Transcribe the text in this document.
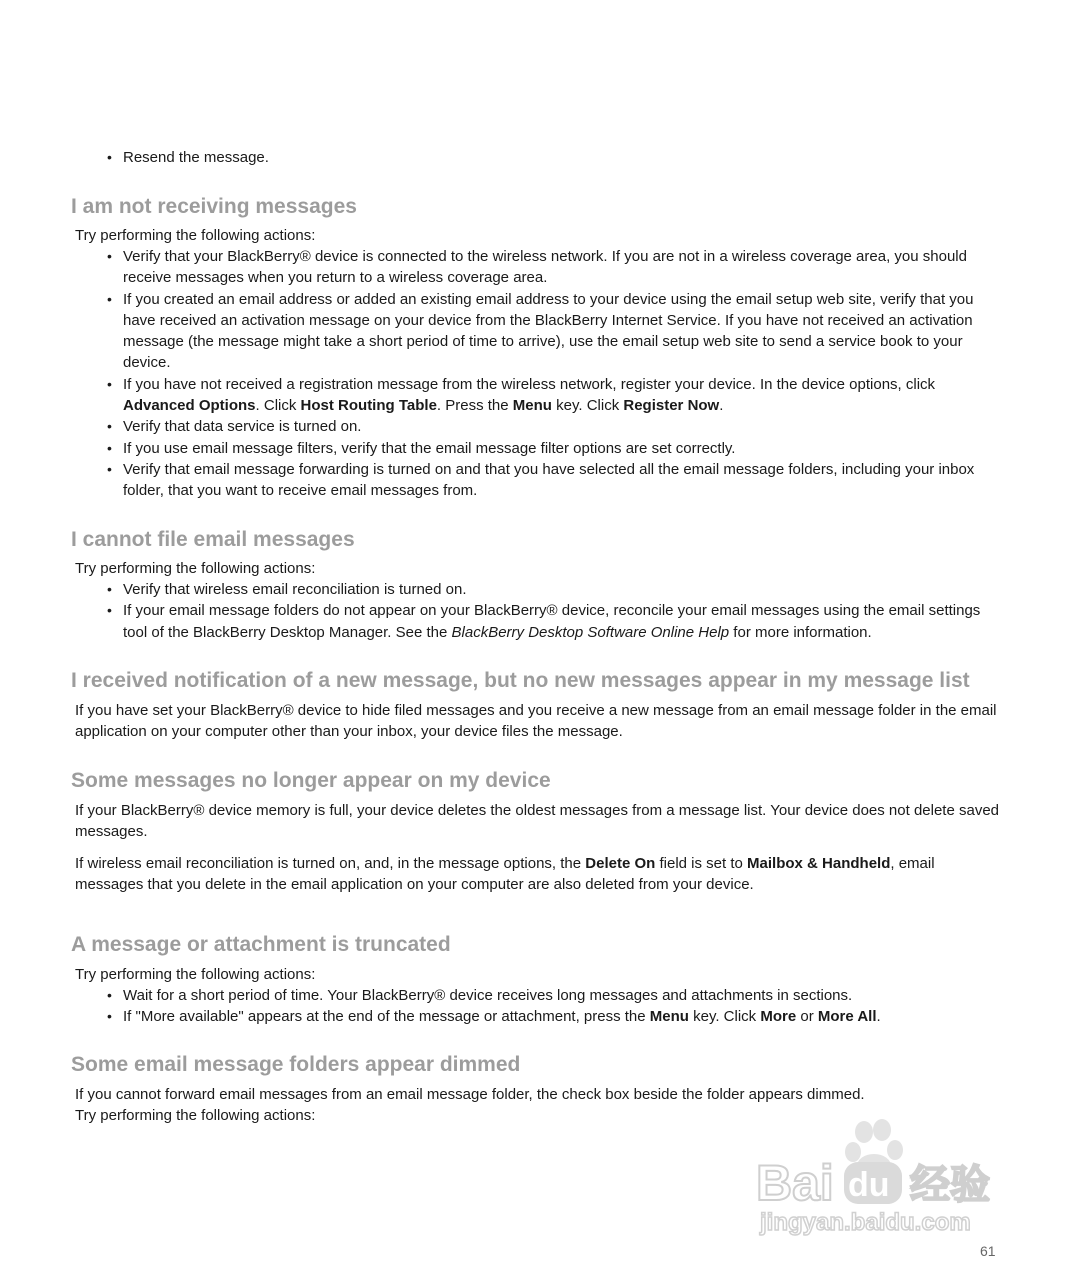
• Resend the message.
I am not receiving messages
Try performing the following actions:
• Verify that your BlackBerry® device is connected to the wireless network. If you are not in a wireless coverage area, you should receive messages when you return to a wireless coverage area.
• If you created an email address or added an existing email address to your device using the email setup web site, verify that you have received an activation message on your device from the BlackBerry Internet Service. If you have not received an activation message (the message might take a short period of time to arrive), use the email setup web site to send a service book to your device.
• If you have not received a registration message from the wireless network, register your device. In the device options, click Advanced Options. Click Host Routing Table. Press the Menu key. Click Register Now.
• Verify that data service is turned on.
• If you use email message filters, verify that the email message filter options are set correctly.
• Verify that email message forwarding is turned on and that you have selected all the email message folders, including your inbox folder, that you want to receive email messages from.
I cannot file email messages
Try performing the following actions:
• Verify that wireless email reconciliation is turned on.
• If your email message folders do not appear on your BlackBerry® device, reconcile your email messages using the email settings tool of the BlackBerry Desktop Manager. See the BlackBerry Desktop Software Online Help for more information.
I received notification of a new message, but no new messages appear in my message list
If you have set your BlackBerry® device to hide filed messages and you receive a new message from an email message folder in the email application on your computer other than your inbox, your device files the message.
Some messages no longer appear on my device
If your BlackBerry® device memory is full, your device deletes the oldest messages from a message list. Your device does not delete saved messages.
If wireless email reconciliation is turned on, and, in the message options, the Delete On field is set to Mailbox & Handheld, email messages that you delete in the email application on your computer are also deleted from your device.
A message or attachment is truncated
Try performing the following actions:
• Wait for a short period of time. Your BlackBerry® device receives long messages and attachments in sections.
• If "More available" appears at the end of the message or attachment, press the Menu key. Click More or More All.
Some email message folders appear dimmed
If you cannot forward email messages from an email message folder, the check box beside the folder appears dimmed.
Try performing the following actions:
Bai du 经验
jingyan.baidu.com
61
